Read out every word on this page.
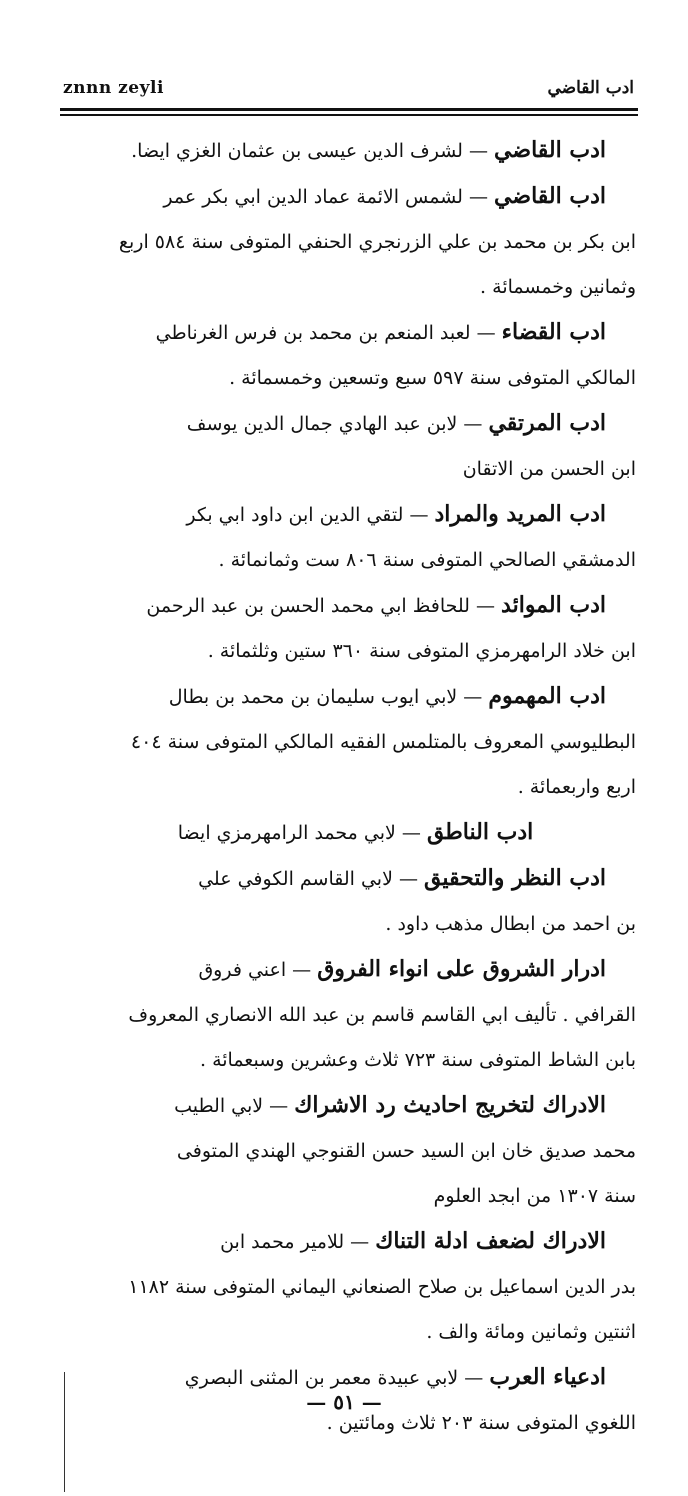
znnn zeyli	ادب القاضي
ادب القاضي — لشرف الدين عيسى بن عثمان الغزي ايضا.
ادب القاضي — لشمس الائمة عماد الدين ابي بكر عمر
ابن بكر بن محمد بن علي الزرنجري الحنفي المتوفى سنة ٥٨٤ اربع
وثمانين وخمسمائة .
ادب القضاء — لعبد المنعم بن محمد بن فرس الغرناطي
المالكي المتوفى سنة ٥٩٧ سبع وتسعين وخمسمائة .
ادب المرتقي — لابن عبد الهادي جمال الدين يوسف
ابن الحسن من الاتقان
ادب المريد والمراد — لتقي الدين ابن داود ابي بكر
الدمشقي الصالحي المتوفى سنة ٨٠٦ ست وثمانمائة .
ادب الموائد — للحافظ ابي محمد الحسن بن عبد الرحمن
ابن خلاد الرامهرمزي المتوفى سنة ٣٦٠ ستين وثلثمائة .
ادب المهموم — لابي ايوب سليمان بن محمد بن بطال
البطليوسي المعروف بالمتلمس الفقيه المالكي المتوفى سنة ٤٠٤
اربع واربعمائة .
ادب الناطق — لابي محمد الرامهرمزي ايضا
ادب النظر والتحقيق — لابي القاسم الكوفي علي
بن احمد من ابطال مذهب داود .
ادرار الشروق على انواء الفروق — اعني فروق
القرافي . تأليف ابي القاسم قاسم بن عبد الله الانصاري المعروف
بابن الشاط المتوفى سنة ٧٢٣ ثلاث وعشرين وسبعمائة .
الادراك لتخريج احاديث رد الاشراك — لابي الطيب
محمد صديق خان ابن السيد حسن القنوجي الهندي المتوفى
سنة ١٣٠٧ من ابجد العلوم
الادراك لضعف ادلة التناك — للامير محمد ابن
بدر الدين اسماعيل بن صلاح الصنعاني اليماني المتوفى سنة ١١٨٢
اثنتين وثمانين ومائة والف .
ادعياء العرب — لابي عبيدة معمر بن المثنى البصري
اللغوي المتوفى سنة ٢٠٣ ثلاث ومائتين .
— ٥١ —
